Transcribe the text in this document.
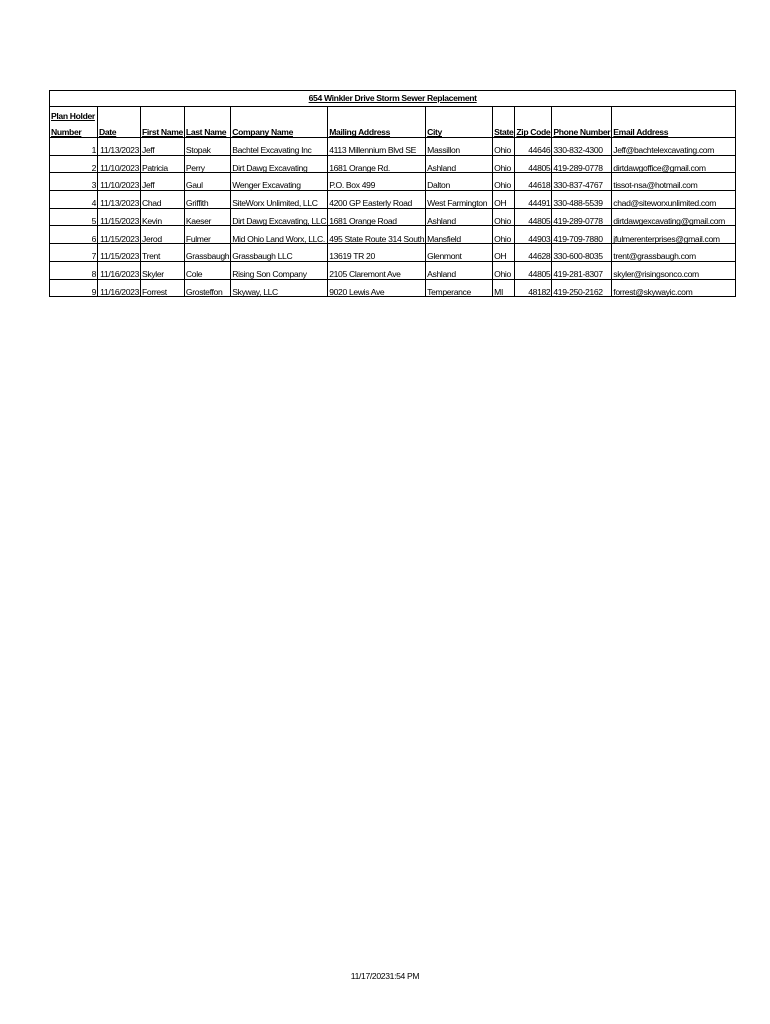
654 Winkler Drive Storm Sewer Replacement										
Plan Holder										
Number	Date	First Name	Last Name	Company Name	Mailing Address	City	State	Zip Code	Phone Number	Email Address
1	11/13/2023	Jeff	Stopak	Bachtel Excavating Inc	4113 Millennium Blvd SE	Massillon	Ohio	44646	330-832-4300	Jeff@bachtelexcavating.com
2	11/10/2023	Patricia	Perry	Dirt Dawg Excavating	1681 Orange Rd.	Ashland	Ohio	44805	419-289-0778	dirtdawgoffice@gmail.com
3	11/10/2023	Jeff	Gaul	Wenger Excavating	P.O. Box 499	Dalton	Ohio	44618	330-837-4767	tissot-nsa@hotmail.com
4	11/13/2023	Chad	Griffith	SiteWorx Unlimited, LLC	4200 GP Easterly Road	West Farmington	OH	44491	330-488-5539	chad@siteworxunlimited.com
5	11/15/2023	Kevin	Kaeser	Dirt Dawg Excavating, LLC	1681 Orange Road	Ashland	Ohio	44805	419-289-0778	dirtdawgexcavating@gmail.com
6	11/15/2023	Jerod	Fulmer	Mid Ohio Land Worx, LLC.	495 State Route 314 South	Mansfield	Ohio	44903	419-709-7880	jfulmerenterprises@gmail.com
7	11/15/2023	Trent	Grassbaugh	Grassbaugh LLC	13619 TR 20	Glenmont	OH	44628	330-600-8035	trent@grassbaugh.com
8	11/16/2023	Skyler	Cole	Rising Son Company	2105 Claremont Ave	Ashland	Ohio	44805	419-281-8307	skyler@risingsonco.com
9	11/16/2023	Forrest	Grosteffon	Skyway, LLC	9020 Lewis Ave	Temperance	MI	48182	419-250-2162	forrest@skywayic.com
11/17/20231:54 PM
